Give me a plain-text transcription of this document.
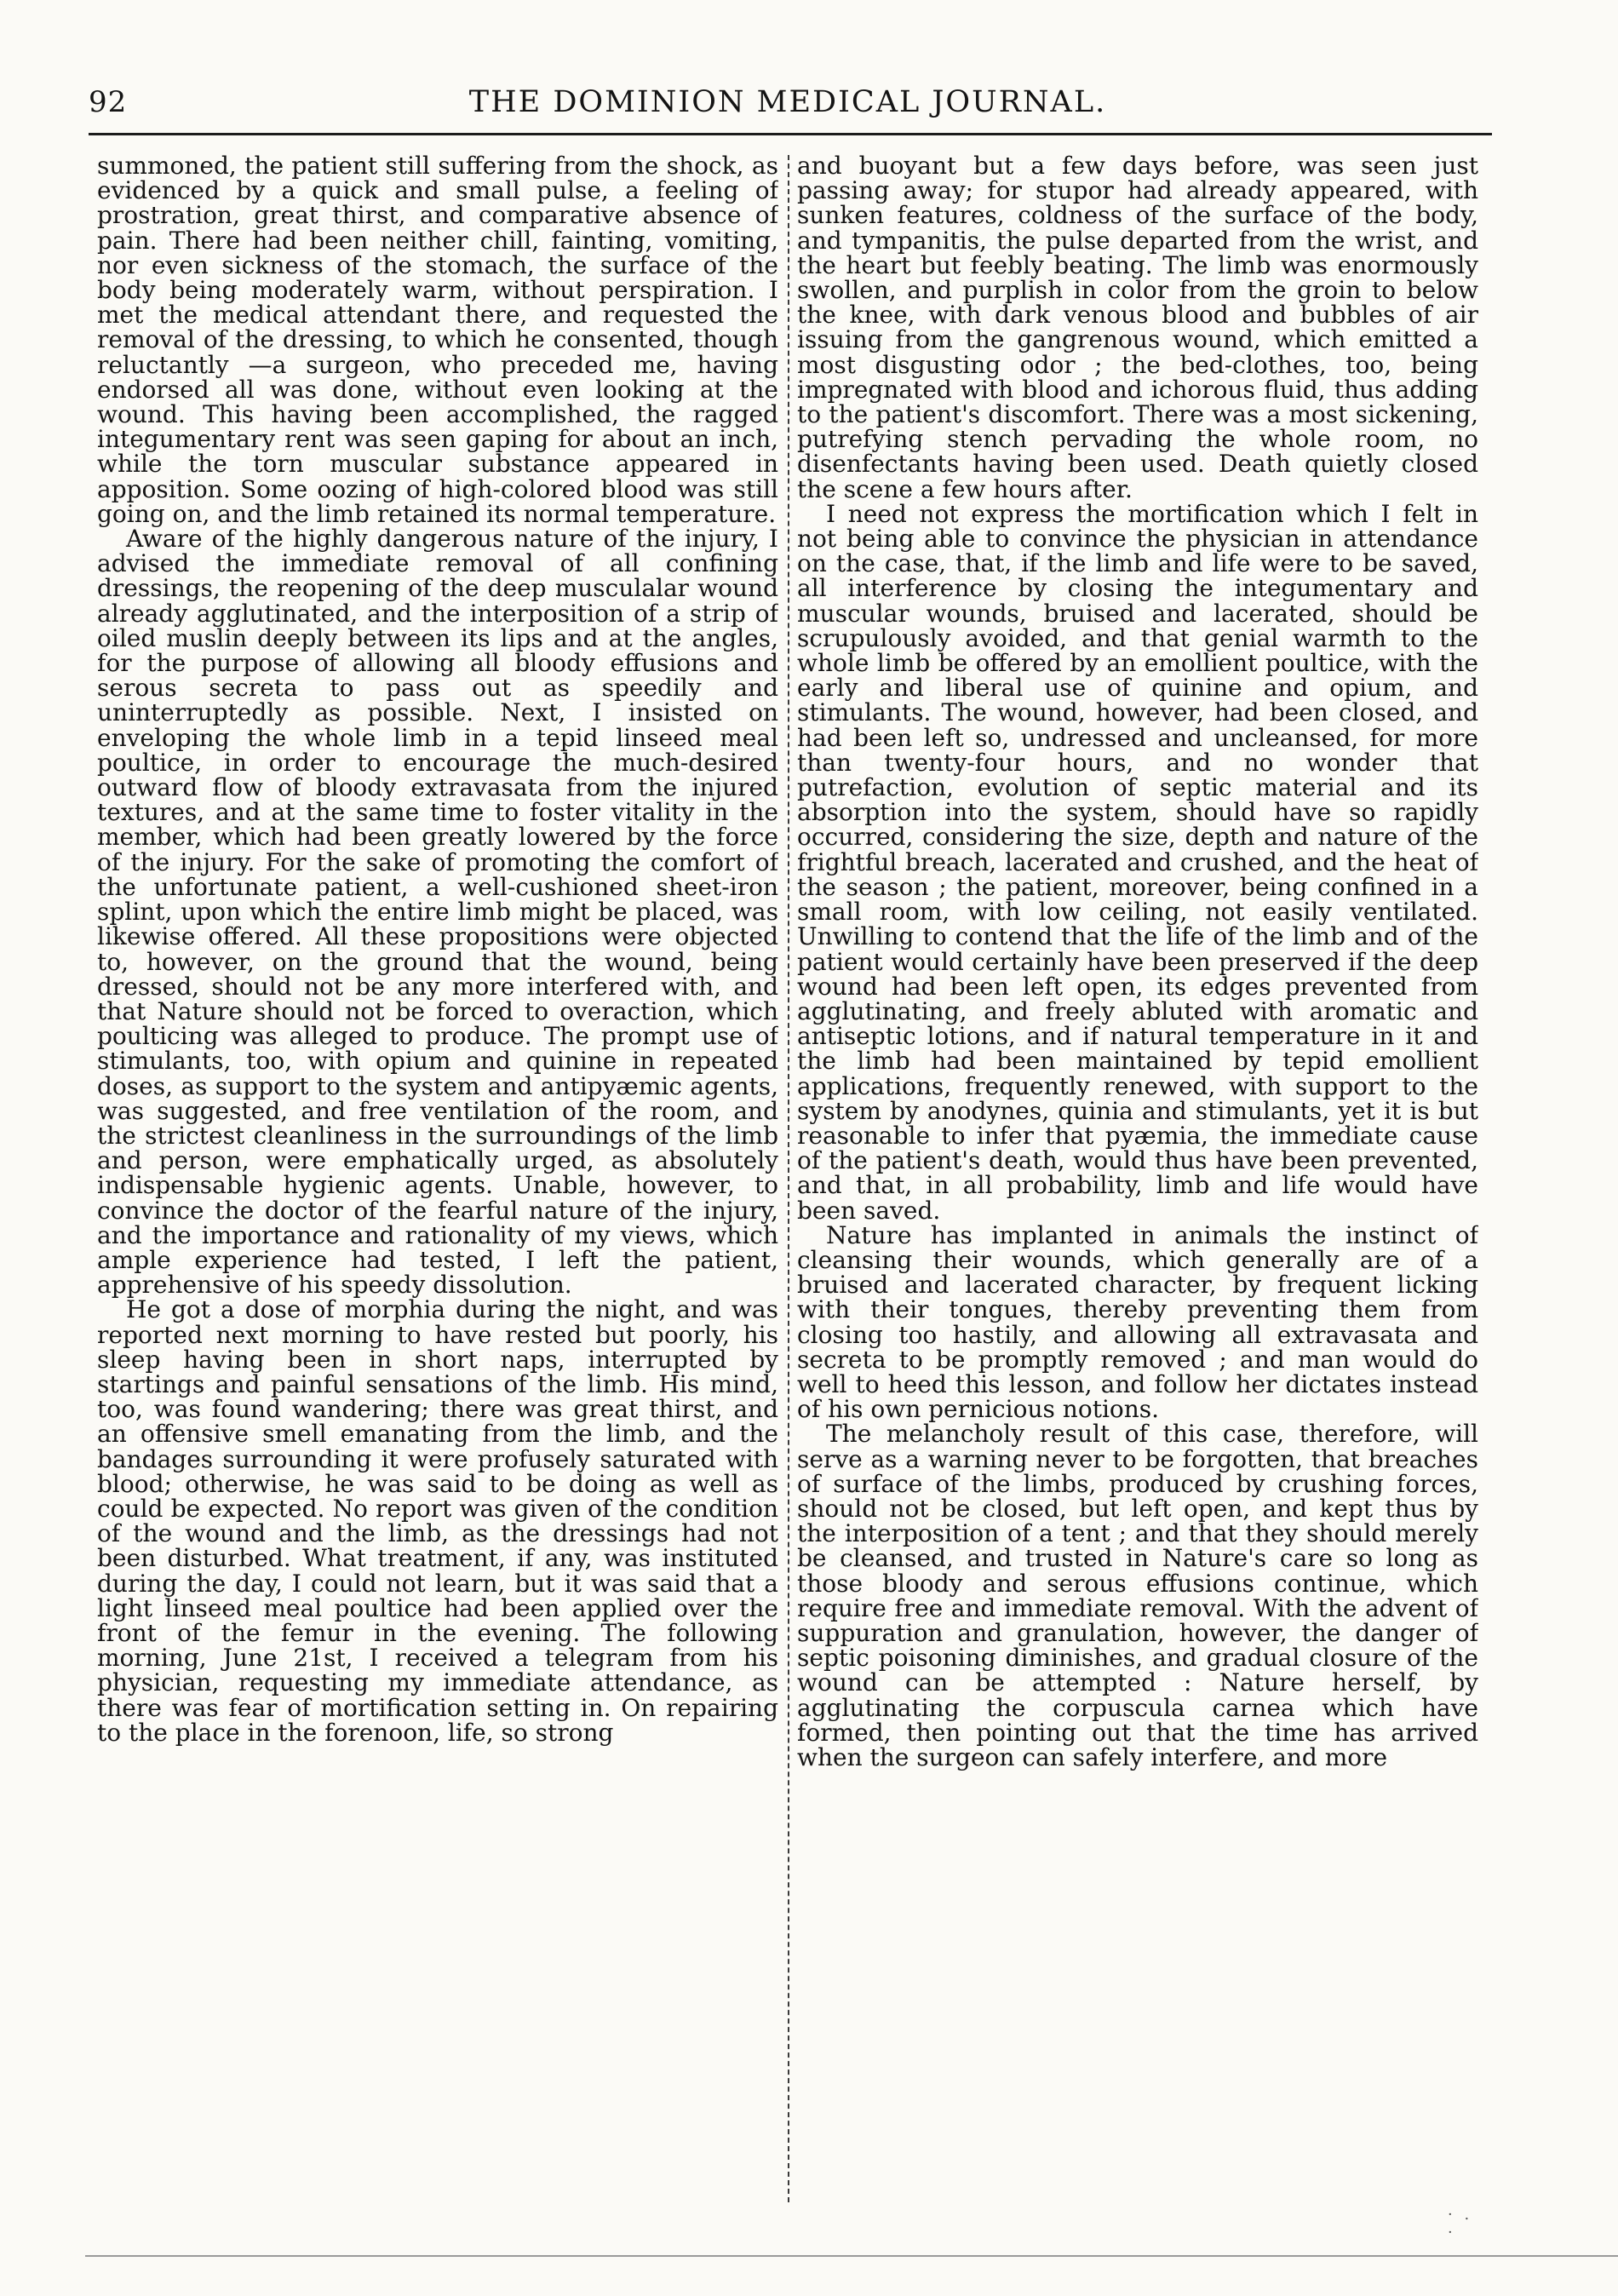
92	THE DOMINION MEDICAL JOURNAL.

summoned, the patient still suffering from the shock, as evidenced by a quick and small pulse, a feeling of prostration, great thirst, and comparative absence of pain. There had been neither chill, fainting, vomiting, nor even sickness of the stomach, the surface of the body being moderately warm, without perspiration. I met the medical attendant there, and requested the removal of the dressing, to which he consented, though reluctantly —a surgeon, who preceded me, having endorsed all was done, without even looking at the wound. This having been accomplished, the ragged integumentary rent was seen gaping for about an inch, while the torn muscular substance appeared in apposition. Some oozing of high-colored blood was still going on, and the limb retained its normal temperature.

Aware of the highly dangerous nature of the injury, I advised the immediate removal of all confining dressings, the reopening of the deep musculalar wound already agglutinated, and the interposition of a strip of oiled muslin deeply between its lips and at the angles, for the purpose of allowing all bloody effusions and serous secreta to pass out as speedily and uninterruptedly as possible. Next, I insisted on enveloping the whole limb in a tepid linseed meal poultice, in order to encourage the much-desired outward flow of bloody extravasata from the injured textures, and at the same time to foster vitality in the member, which had been greatly lowered by the force of the injury. For the sake of promoting the comfort of the unfortunate patient, a well-cushioned sheet-iron splint, upon which the entire limb might be placed, was likewise offered. All these propositions were objected to, however, on the ground that the wound, being dressed, should not be any more interfered with, and that Nature should not be forced to overaction, which poulticing was alleged to produce. The prompt use of stimulants, too, with opium and quinine in repeated doses, as support to the system and antipyæmic agents, was suggested, and free ventilation of the room, and the strictest cleanliness in the surroundings of the limb and person, were emphatically urged, as absolutely indispensable hygienic agents. Unable, however, to convince the doctor of the fearful nature of the injury, and the importance and rationality of my views, which ample experience had tested, I left the patient, apprehensive of his speedy dissolution.

He got a dose of morphia during the night, and was reported next morning to have rested but poorly, his sleep having been in short naps, interrupted by startings and painful sensations of the limb. His mind, too, was found wandering; there was great thirst, and an offensive smell emanating from the limb, and the bandages surrounding it were profusely saturated with blood; otherwise, he was said to be doing as well as could be expected. No report was given of the condition of the wound and the limb, as the dressings had not been disturbed. What treatment, if any, was instituted during the day, I could not learn, but it was said that a light linseed meal poultice had been applied over the front of the femur in the evening. The following morning, June 21st, I received a telegram from his physician, requesting my immediate attendance, as there was fear of mortification setting in. On repairing to the place in the forenoon, life, so strong

and buoyant but a few days before, was seen just passing away; for stupor had already appeared, with sunken features, coldness of the surface of the body, and tympanitis, the pulse departed from the wrist, and the heart but feebly beating. The limb was enormously swollen, and purplish in color from the groin to below the knee, with dark venous blood and bubbles of air issuing from the gangrenous wound, which emitted a most disgusting odor ; the bed-clothes, too, being impregnated with blood and ichorous fluid, thus adding to the patient's discomfort. There was a most sickening, putrefying stench pervading the whole room, no disenfectants having been used. Death quietly closed the scene a few hours after.

I need not express the mortification which I felt in not being able to convince the physician in attendance on the case, that, if the limb and life were to be saved, all interference by closing the integumentary and muscular wounds, bruised and lacerated, should be scrupulously avoided, and that genial warmth to the whole limb be offered by an emollient poultice, with the early and liberal use of quinine and opium, and stimulants. The wound, however, had been closed, and had been left so, undressed and uncleansed, for more than twenty-four hours, and no wonder that putrefaction, evolution of septic material and its absorption into the system, should have so rapidly occurred, considering the size, depth and nature of the frightful breach, lacerated and crushed, and the heat of the season ; the patient, moreover, being confined in a small room, with low ceiling, not easily ventilated. Unwilling to contend that the life of the limb and of the patient would certainly have been preserved if the deep wound had been left open, its edges prevented from agglutinating, and freely abluted with aromatic and antiseptic lotions, and if natural temperature in it and the limb had been maintained by tepid emollient applications, frequently renewed, with support to the system by anodynes, quinia and stimulants, yet it is but reasonable to infer that pyæmia, the immediate cause of the patient's death, would thus have been prevented, and that, in all probability, limb and life would have been saved.

Nature has implanted in animals the instinct of cleansing their wounds, which generally are of a bruised and lacerated character, by frequent licking with their tongues, thereby preventing them from closing too hastily, and allowing all extravasata and secreta to be promptly removed ; and man would do well to heed this lesson, and follow her dictates instead of his own pernicious notions.

The melancholy result of this case, therefore, will serve as a warning never to be forgotten, that breaches of surface of the limbs, produced by crushing forces, should not be closed, but left open, and kept thus by the interposition of a tent ; and that they should merely be cleansed, and trusted in Nature's care so long as those bloody and serous effusions continue, which require free and immediate removal. With the advent of suppuration and granulation, however, the danger of septic poisoning diminishes, and gradual closure of the wound can be attempted : Nature herself, by agglutinating the corpuscula carnea which have formed, then pointing out that the time has arrived when the surgeon can safely interfere, and more

· . ·
